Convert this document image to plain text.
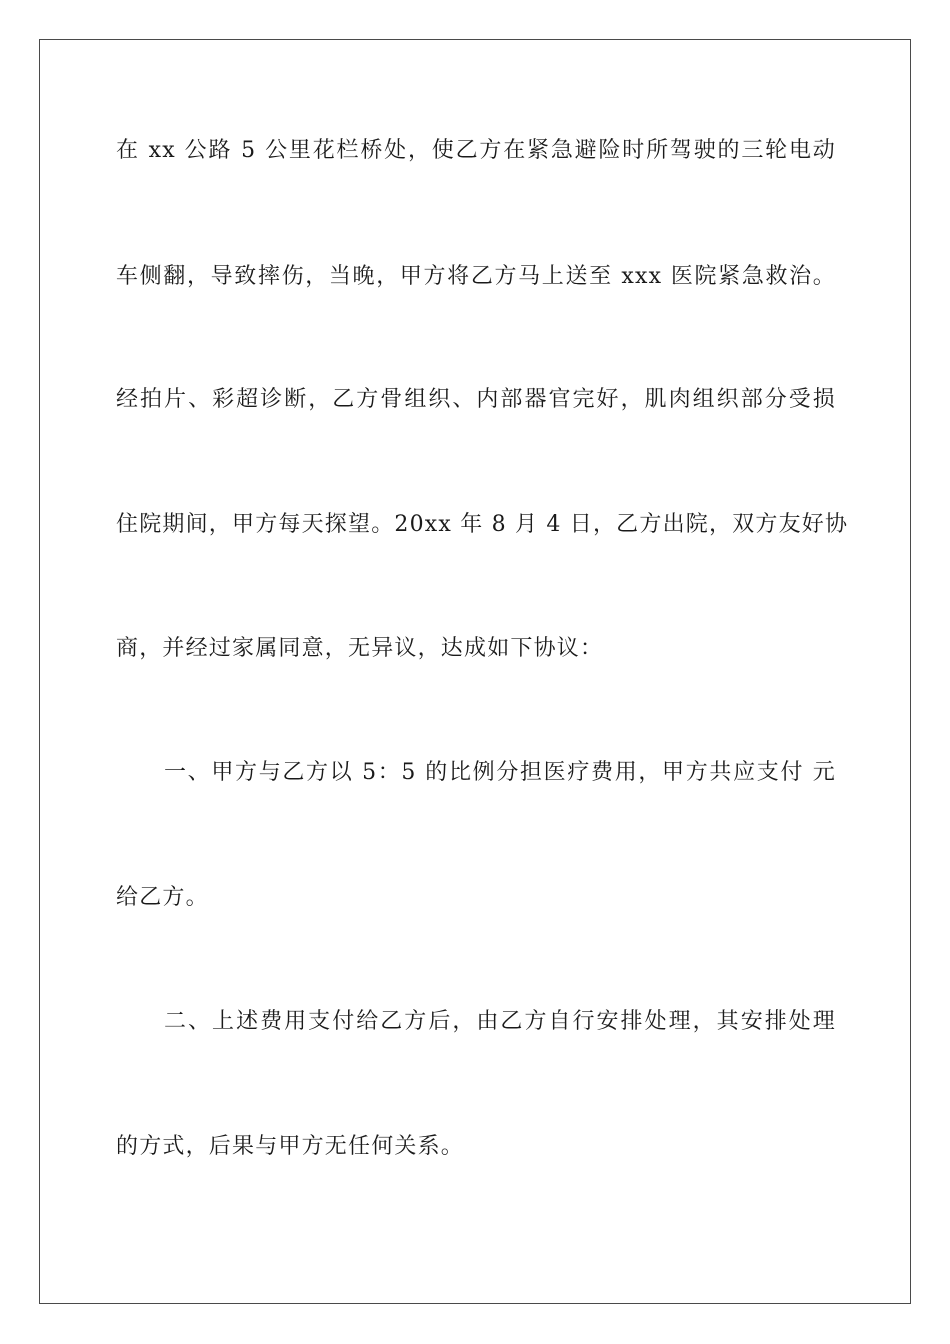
在 xx 公路 5 公里花栏桥处，使乙方在紧急避险时所驾驶的三轮电动
车侧翻，导致摔伤，当晚，甲方将乙方马上送至 xxx 医院紧急救治。
经拍片、彩超诊断，乙方骨组织、内部器官完好，肌肉组织部分受损
住院期间，甲方每天探望。20xx 年 8 月 4 日，乙方出院，双方友好协
商，并经过家属同意，无异议，达成如下协议：
一、甲方与乙方以 5：5 的比例分担医疗费用，甲方共应支付 元
给乙方。
二、上述费用支付给乙方后，由乙方自行安排处理，其安排处理
的方式，后果与甲方无任何关系。
